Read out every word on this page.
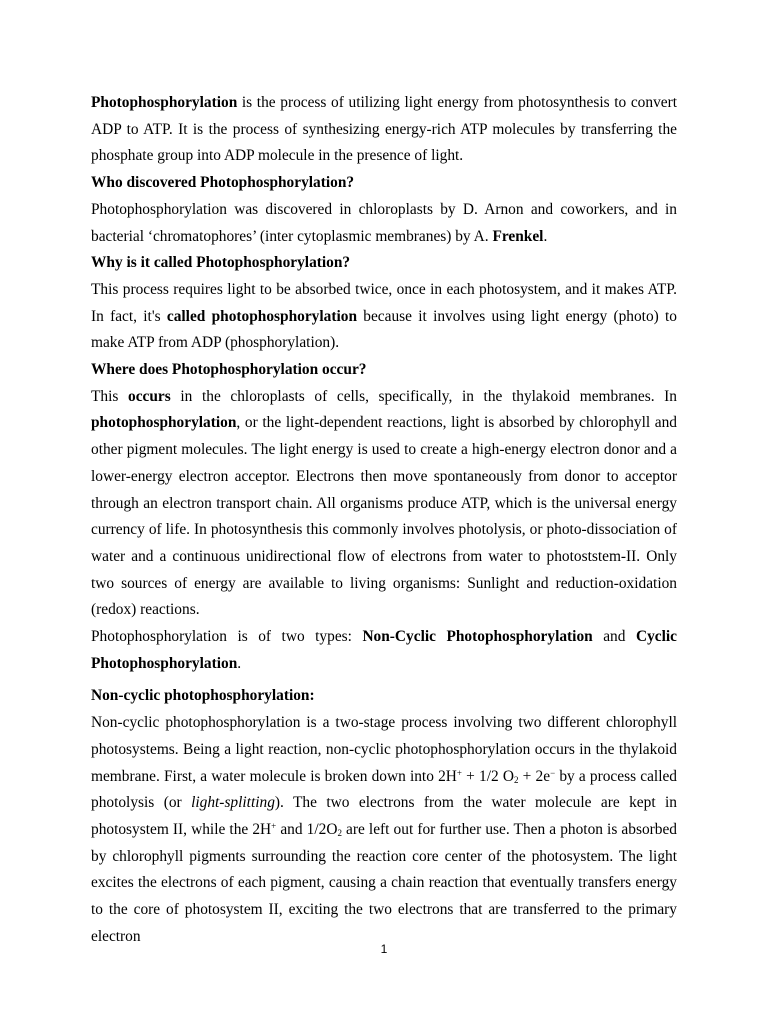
Photophosphorylation is the process of utilizing light energy from photosynthesis to convert ADP to ATP. It is the process of synthesizing energy-rich ATP molecules by transferring the phosphate group into ADP molecule in the presence of light.

Who discovered Photophosphorylation?

Photophosphorylation was discovered in chloroplasts by D. Arnon and coworkers, and in bacterial ‘chromatophores’ (inter cytoplasmic membranes) by A. Frenkel.

Why is it called Photophosphorylation?

This process requires light to be absorbed twice, once in each photosystem, and it makes ATP. In fact, it's called photophosphorylation because it involves using light energy (photo) to make ATP from ADP (phosphorylation).

Where does Photophosphorylation occur?

This occurs in the chloroplasts of cells, specifically, in the thylakoid membranes. In photophosphorylation, or the light-dependent reactions, light is absorbed by chlorophyll and other pigment molecules. The light energy is used to create a high-energy electron donor and a lower-energy electron acceptor. Electrons then move spontaneously from donor to acceptor through an electron transport chain. All organisms produce ATP, which is the universal energy currency of life. In photosynthesis this commonly involves photolysis, or photo-dissociation of water and a continuous unidirectional flow of electrons from water to photoststem-II. Only two sources of energy are available to living organisms: Sunlight and reduction-oxidation (redox) reactions.

Photophosphorylation is of two types: Non-Cyclic Photophosphorylation and Cyclic Photophosphorylation.

Non-cyclic photophosphorylation:

Non-cyclic photophosphorylation is a two-stage process involving two different chlorophyll photosystems. Being a light reaction, non-cyclic photophosphorylation occurs in the thylakoid membrane. First, a water molecule is broken down into 2H+ + 1/2 $O_2 + 2e^-$ by a process called photolysis (or light-splitting). The two electrons from the water molecule are kept in photosystem II, while the 2H+ and $1/2O_2$ are left out for further use. Then a photon is absorbed by chlorophyll pigments surrounding the reaction core center of the photosystem. The light excites the electrons of each pigment, causing a chain reaction that eventually transfers energy to the core of photosystem II, exciting the two electrons that are transferred to the primary electron

1
